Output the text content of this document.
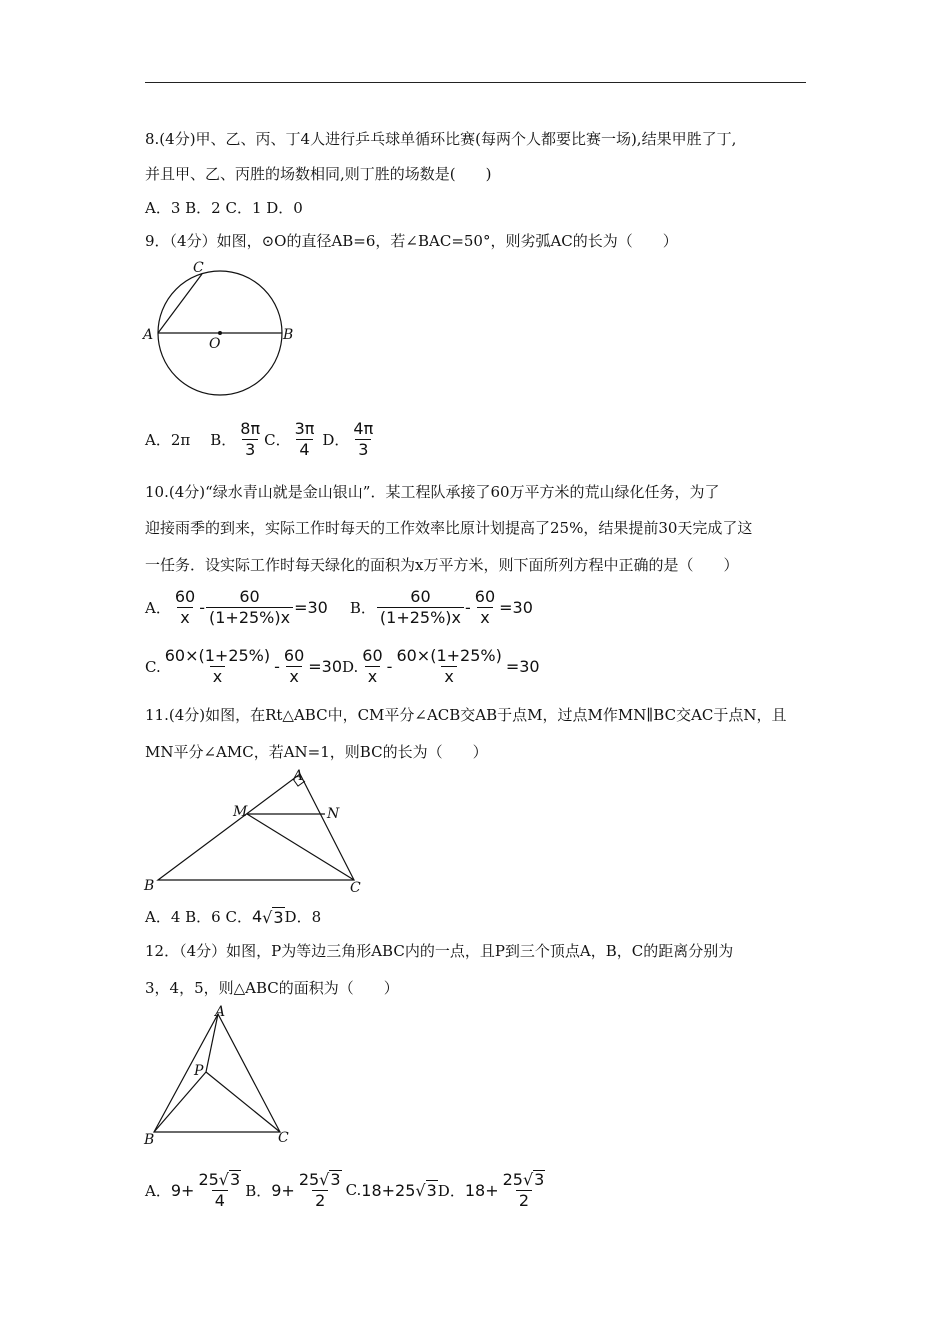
8.(4分)甲、乙、丙、丁4人进行乒乓球单循环比赛(每两个人都要比赛一场),结果甲胜了丁,
并且甲、乙、丙胜的场数相同,则丁胜的场数是(　　)
A．3 B．2 C．1 D．0
9．（4分）如图，⊙O的直径AB=6，若∠BAC=50°，则劣弧AC的长为（　　）
C
A
O
B
A．2π B． $\frac{8\pi}{3}$ C． $\frac{3\pi}{4}$ D． $\frac{4\pi}{3}$
10.(4分)“绿水青山就是金山银山”．某工程队承接了60万平方米的荒山绿化任务，为了
迎接雨季的到来，实际工作时每天的工作效率比原计划提高了25%，结果提前30天完成了这
一任务．设实际工作时每天绿化的面积为x万平方米，则下面所列方程中正确的是（　　）
A． $\frac{60}{x} - \frac{60}{(1+25\%)x} =30$ B． $\frac{60}{(1+25\%)x} - \frac{60}{x} =30$
C. $\frac{60\times(1+25\%)}{x} - \frac{60}{x} =30$ D. $\frac{60}{x} - \frac{60\times(1+25\%)}{x} =30$
11.(4分)如图，在Rt△ABC中，CM平分∠ACB交AB于点M，过点M作MN∥BC交AC于点N，且
MN平分∠AMC，若AN=1，则BC的长为（　　）
A
M	N
B	C
A．4 B．6 C． 4 √ 3 D．8
12．（4分）如图，P为等边三角形ABC内的一点，且P到三个顶点A，B，C的距离分别为
3，4，5，则△ABC的面积为（　　）
A
P
B	C
A． $9+ \frac{25 √ 3}{4}$ B． $9+ \frac{25 √ 3}{2} C$. 18+25 √ 3 D． $18+ \frac{25 √ 3}{2}$
